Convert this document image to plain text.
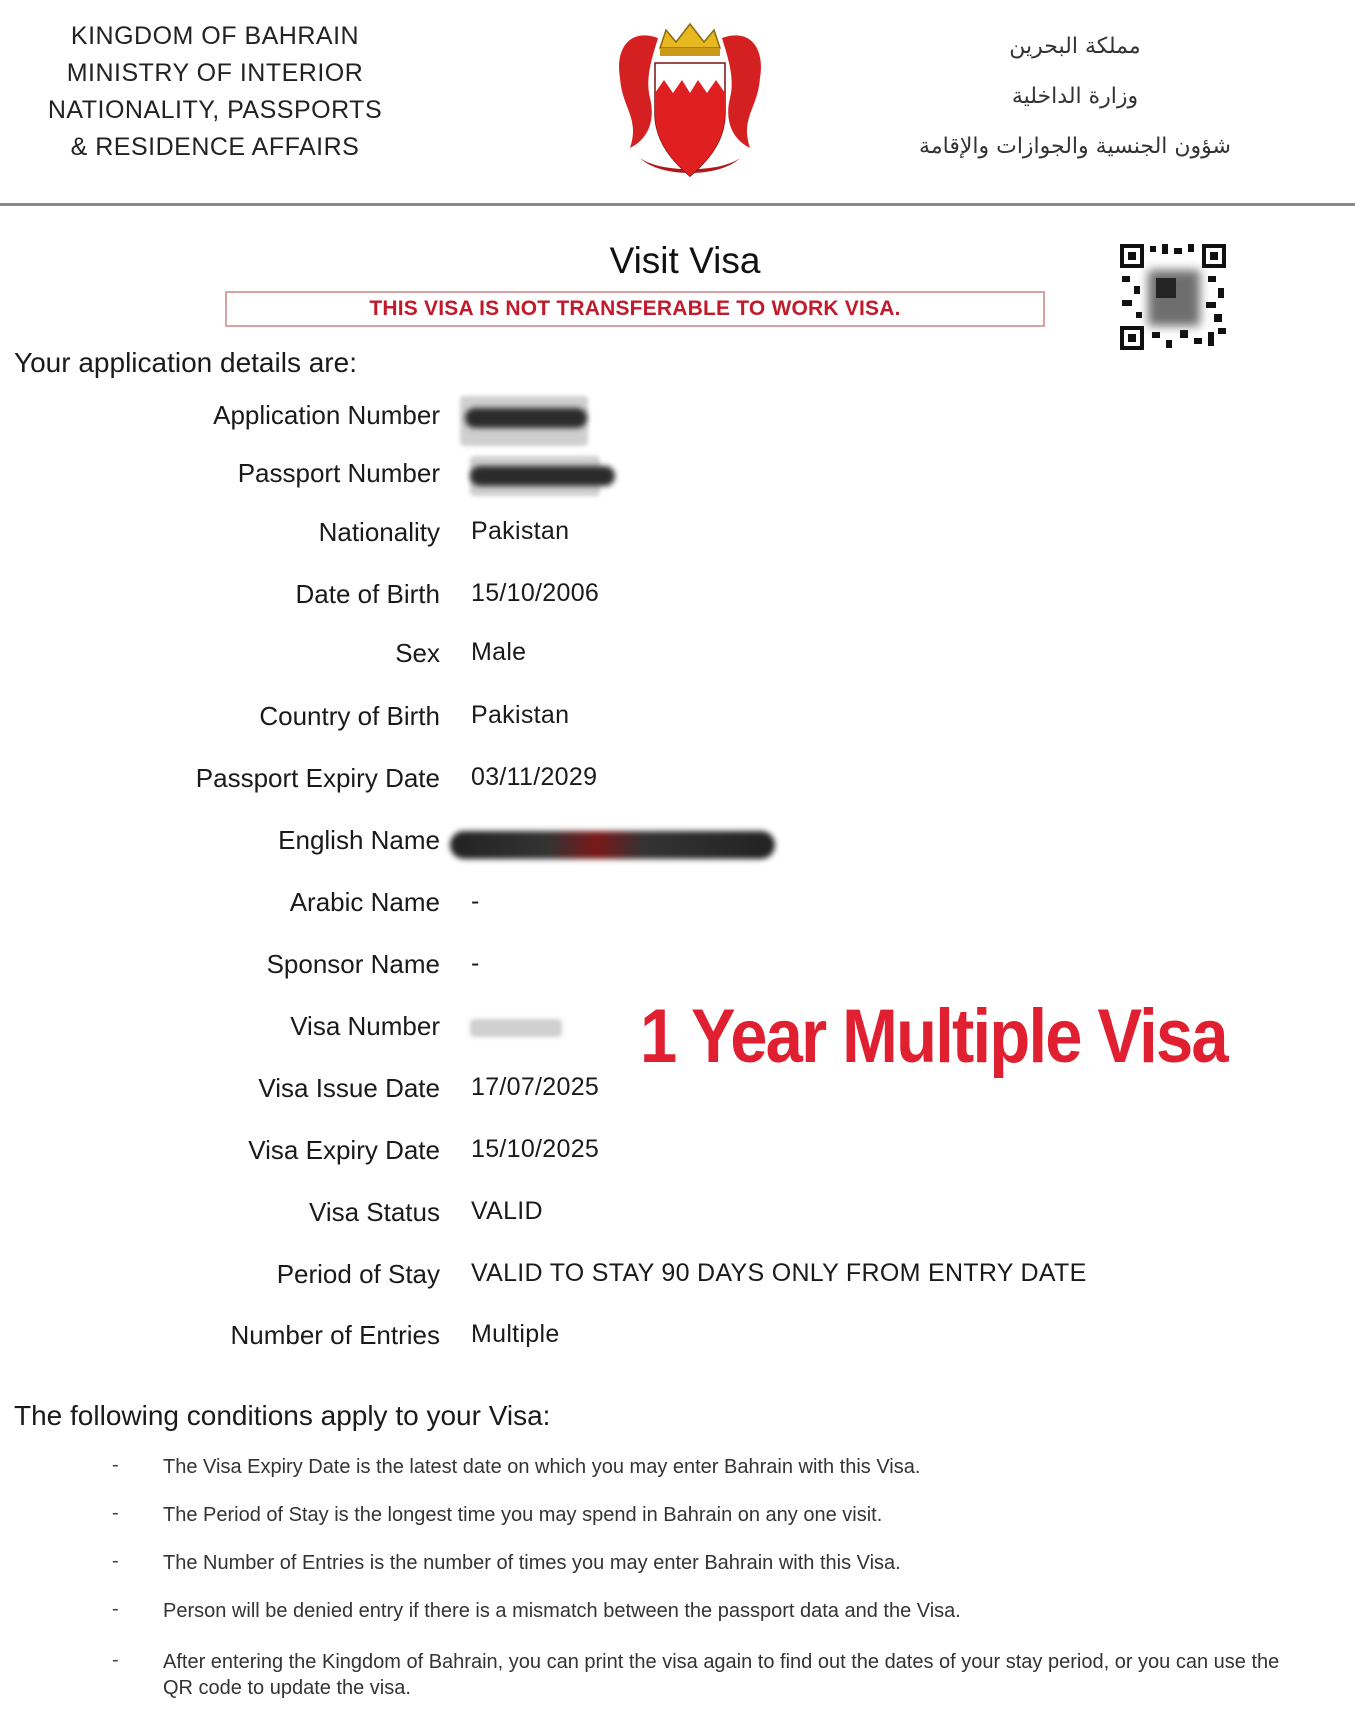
KINGDOM OF BAHRAIN
MINISTRY OF INTERIOR
NATIONALITY, PASSPORTS
& RESIDENCE AFFAIRS
مملكة البحرين
وزارة الداخلية
شؤون الجنسية والجوازات والإقامة
Visit Visa
THIS VISA IS NOT TRANSFERABLE TO WORK VISA.
Your application details are:
Application Number
Passport Number
Nationality Pakistan
Date of Birth 15/10/2006
Sex Male
Country of Birth Pakistan
Passport Expiry Date 03/11/2029
English Name
Arabic Name -
Sponsor Name -
Visa Number
Visa Issue Date 17/07/2025
Visa Expiry Date 15/10/2025
Visa Status VALID
Period of Stay VALID TO STAY 90 DAYS ONLY FROM ENTRY DATE
Number of Entries Multiple
1 Year Multiple Visa
The following conditions apply to your Visa:
- The Visa Expiry Date is the latest date on which you may enter Bahrain with this Visa.
- The Period of Stay is the longest time you may spend in Bahrain on any one visit.
- The Number of Entries is the number of times you may enter Bahrain with this Visa.
- Person will be denied entry if there is a mismatch between the passport data and the Visa.
- After entering the Kingdom of Bahrain, you can print the visa again to find out the dates of your stay period, or you can use the QR code to update the visa.
